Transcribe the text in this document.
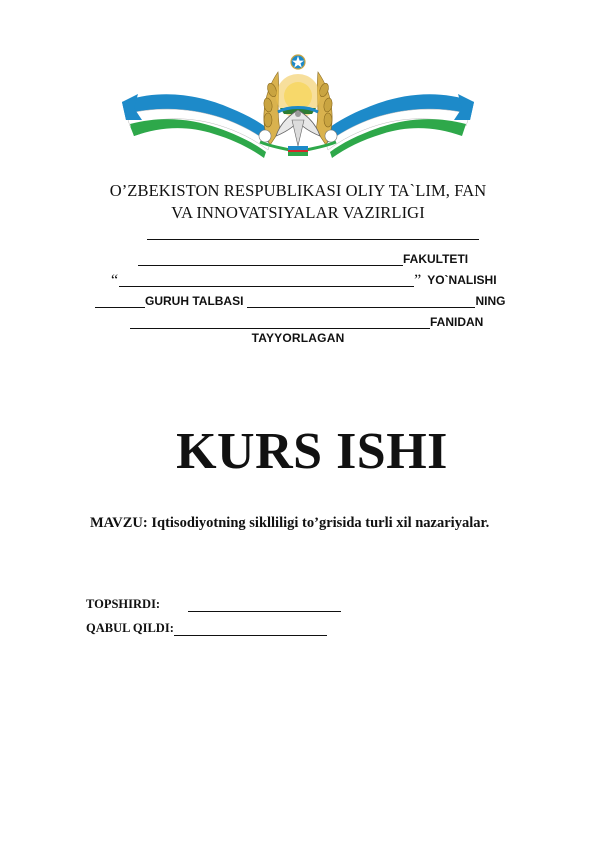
O’ZBEKISTON RESPUBLIKASI OLIY TA`LIM, FAN
VA INNOVATSIYALAR VAZIRLIGI
FAKULTETI
“	” YO`NALISHI
GURUH TALBASI	NING
FANIDAN
TAYYORLAGAN
KURS ISHI
MAVZU: Iqtisodiyotning siklliligi to’grisida turli xil nazariyalar.
TOPSHIRDI:
QABUL QILDI:
